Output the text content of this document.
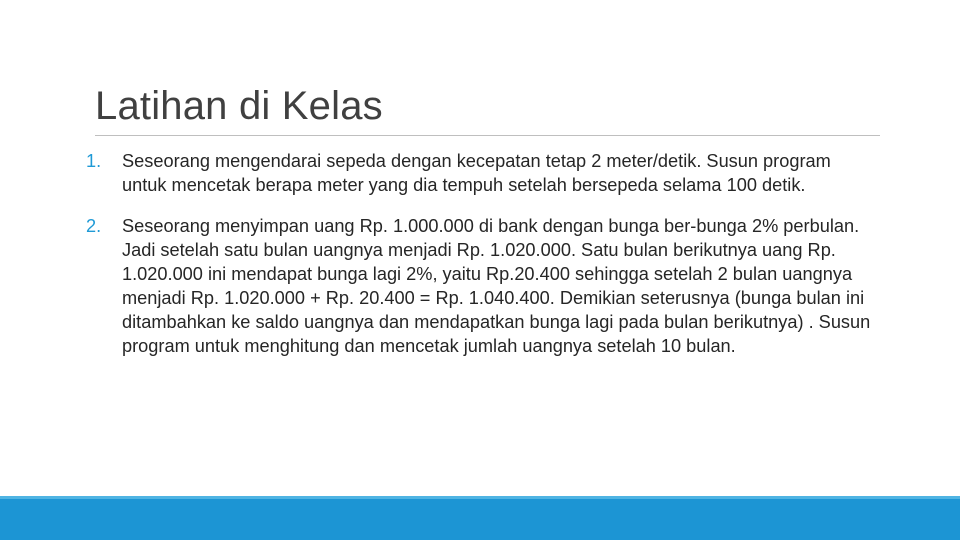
Latihan di Kelas
1. Seseorang mengendarai sepeda dengan kecepatan tetap 2 meter/detik. Susun program untuk mencetak berapa meter yang dia tempuh setelah bersepeda selama 100 detik.
2. Seseorang menyimpan uang Rp. 1.000.000 di bank dengan bunga ber-bunga 2% perbulan. Jadi setelah satu bulan uangnya menjadi Rp. 1.020.000. Satu bulan berikutnya uang Rp. 1.020.000 ini mendapat bunga lagi 2%, yaitu Rp.20.400 sehingga setelah 2 bulan uangnya menjadi Rp. 1.020.000 + Rp. 20.400 = Rp. 1.040.400. Demikian seterusnya (bunga bulan ini ditambahkan ke saldo uangnya dan mendapatkan bunga lagi pada bulan berikutnya) . Susun program untuk menghitung dan mencetak jumlah uangnya setelah 10 bulan.
